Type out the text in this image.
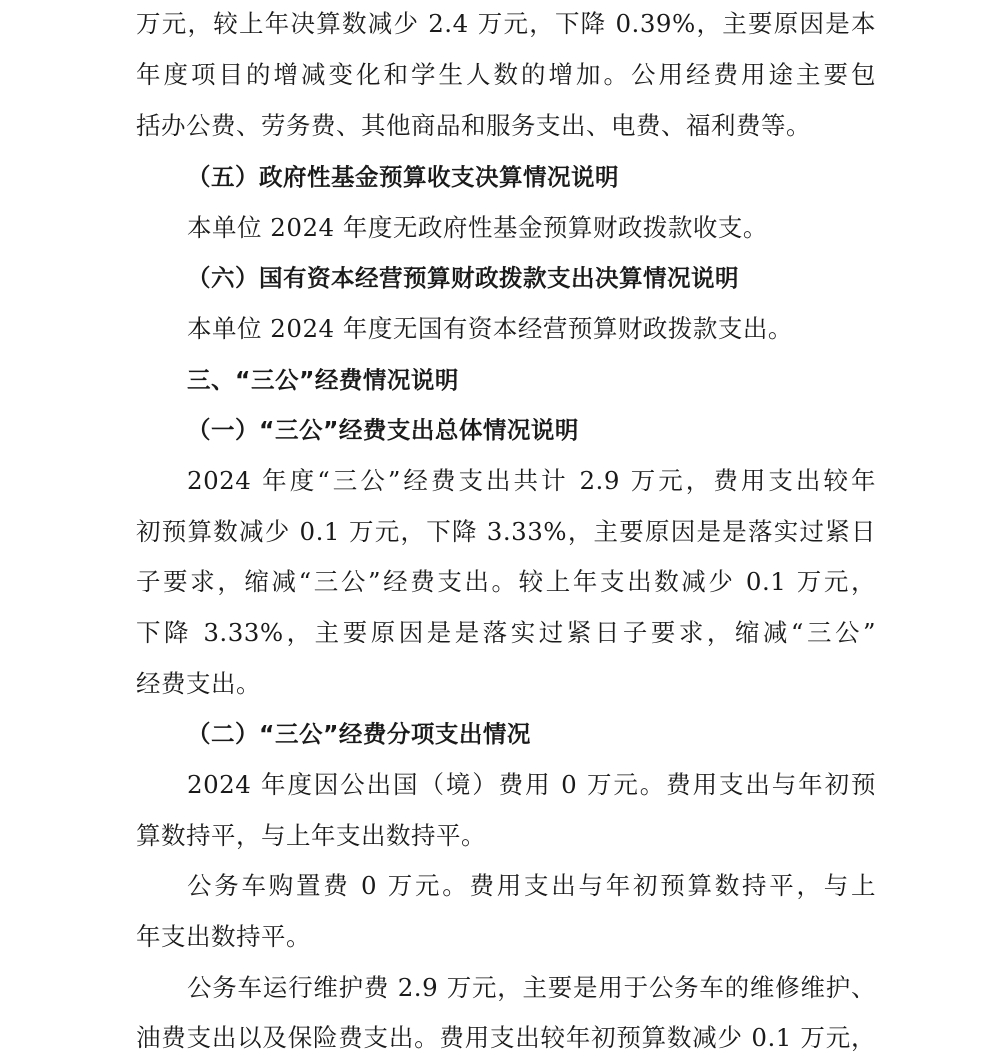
万元，较上年决算数减少 2.4 万元，下降 0.39%，主要原因是本
年度项目的增减变化和学生人数的增加。公用经费用途主要包
括办公费、劳务费、其他商品和服务支出、电费、福利费等。
（五）政府性基金预算收支决算情况说明
本单位 2024 年度无政府性基金预算财政拨款收支。
（六）国有资本经营预算财政拨款支出决算情况说明
本单位 2024 年度无国有资本经营预算财政拨款支出。
三、“三公”经费情况说明
（一）“三公”经费支出总体情况说明
2024 年度“三公”经费支出共计 2.9 万元，费用支出较年
初预算数减少 0.1 万元，下降 3.33%，主要原因是是落实过紧日
子要求，缩减“三公”经费支出。较上年支出数减少 0.1 万元，
下降 3.33%，主要原因是是落实过紧日子要求，缩减“三公”
经费支出。
（二）“三公”经费分项支出情况
2024 年度因公出国（境）费用 0 万元。费用支出与年初预
算数持平，与上年支出数持平。
公务车购置费 0 万元。费用支出与年初预算数持平，与上
年支出数持平。
公务车运行维护费 2.9 万元，主要是用于公务车的维修维护、
油费支出以及保险费支出。费用支出较年初预算数减少 0.1 万元，
